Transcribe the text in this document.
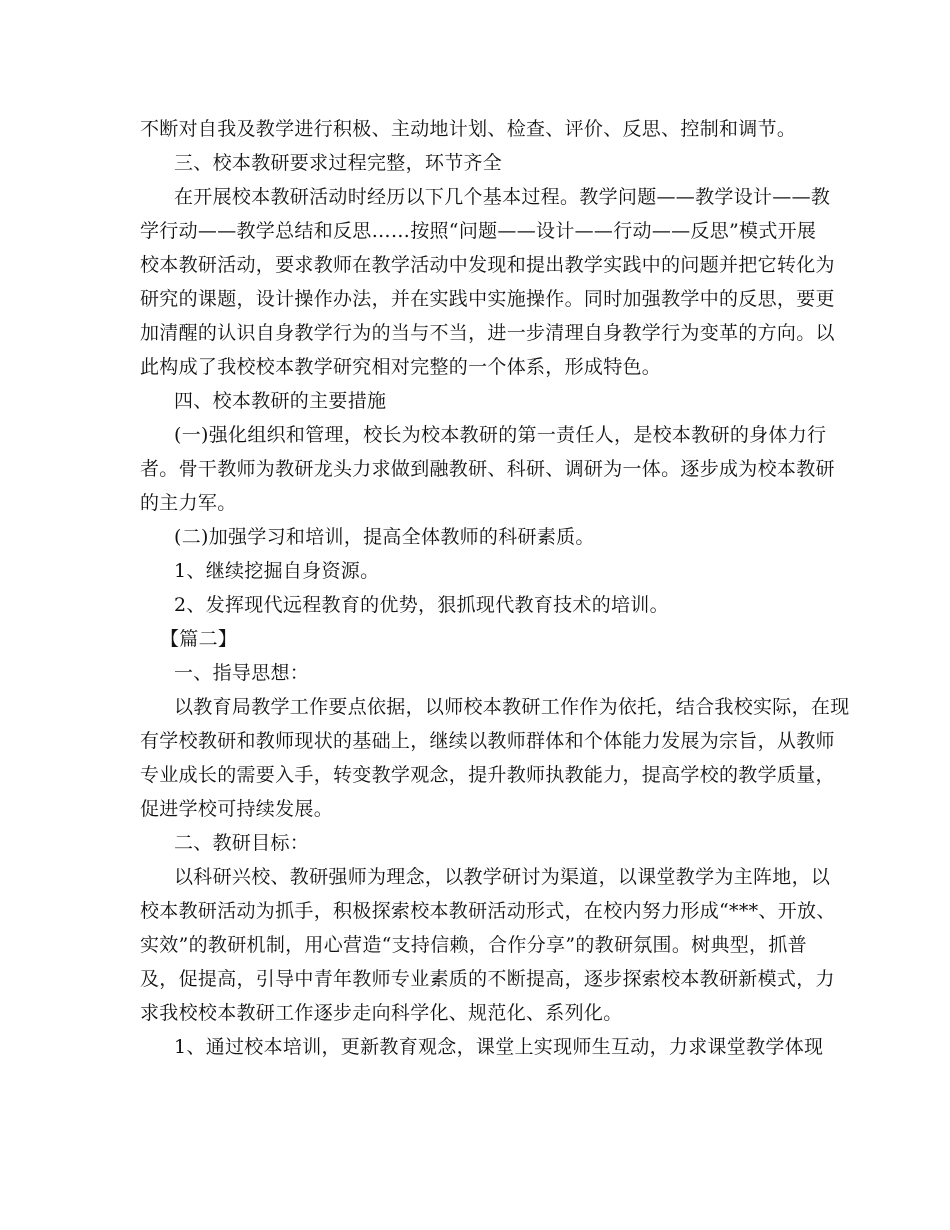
不断对自我及教学进行积极、主动地计划、检查、评价、反思、控制和调节。
三、校本教研要求过程完整，环节齐全
在开展校本教研活动时经历以下几个基本过程。教学问题——教学设计——教
学行动——教学总结和反思……按照“问题——设计——行动——反思”模式开展
校本教研活动，要求教师在教学活动中发现和提出教学实践中的问题并把它转化为
研究的课题，设计操作办法，并在实践中实施操作。同时加强教学中的反思，要更
加清醒的认识自身教学行为的当与不当，进一步清理自身教学行为变革的方向。以
此构成了我校校本教学研究相对完整的一个体系，形成特色。
四、校本教研的主要措施
(一)强化组织和管理，校长为校本教研的第一责任人，是校本教研的身体力行
者。骨干教师为教研龙头力求做到融教研、科研、调研为一体。逐步成为校本教研
的主力军。
(二)加强学习和培训，提高全体教师的科研素质。
1、继续挖掘自身资源。
2、发挥现代远程教育的优势，狠抓现代教育技术的培训。
【篇二】
一、指导思想：
以教育局教学工作要点依据，以师校本教研工作作为依托，结合我校实际，在现
有学校教研和教师现状的基础上，继续以教师群体和个体能力发展为宗旨，从教师
专业成长的需要入手，转变教学观念，提升教师执教能力，提高学校的教学质量，
促进学校可持续发展。
二、教研目标：
以科研兴校、教研强师为理念，以教学研讨为渠道，以课堂教学为主阵地，以
校本教研活动为抓手，积极探索校本教研活动形式，在校内努力形成“***、开放、
实效”的教研机制，用心营造“支持信赖，合作分享”的教研氛围。树典型，抓普
及，促提高，引导中青年教师专业素质的不断提高，逐步探索校本教研新模式，力
求我校校本教研工作逐步走向科学化、规范化、系列化。
1、通过校本培训，更新教育观念，课堂上实现师生互动，力求课堂教学体现
